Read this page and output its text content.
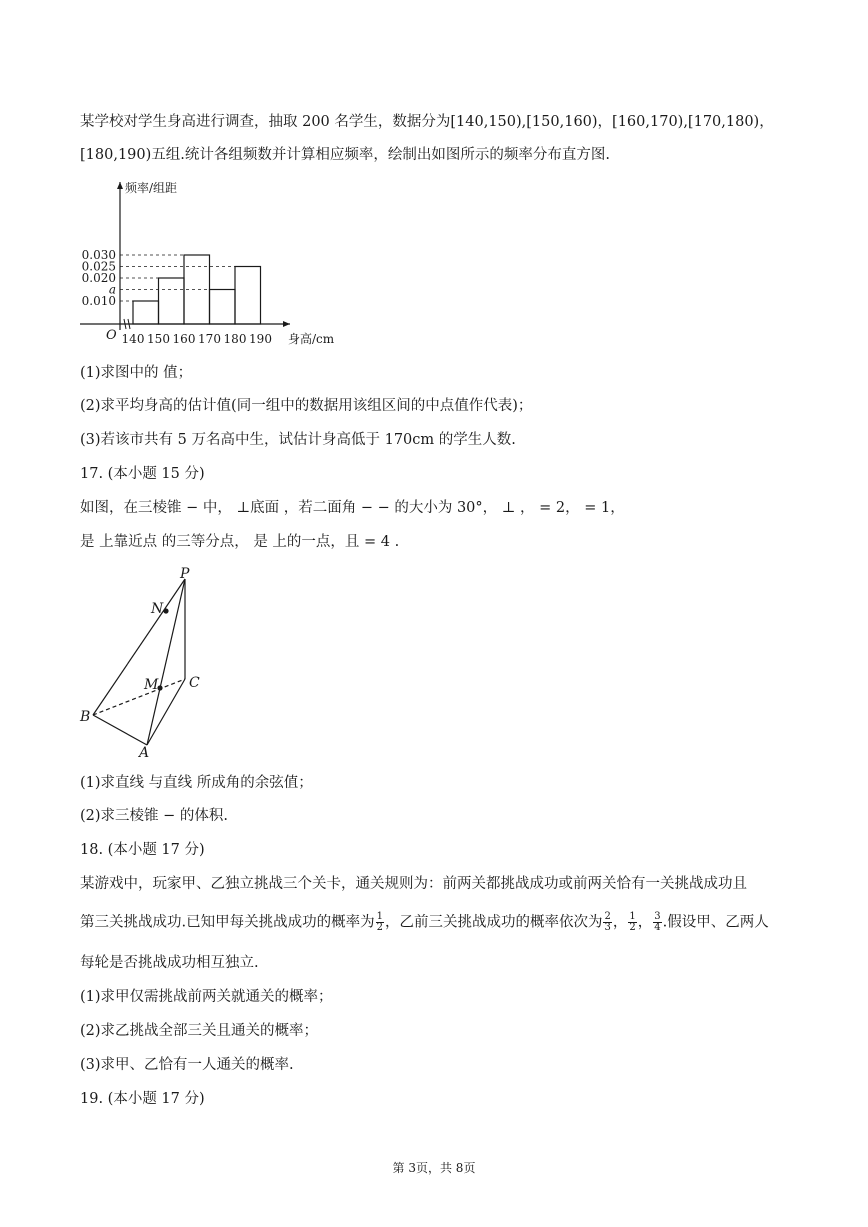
某学校对学生身高进行调查，抽取 200 名学生，数据分为[140,150),[150,160)，[160,170),[170,180)，
[180,190)五组.统计各组频数并计算相应频率，绘制出如图所示的频率分布直方图.
0.010
a
0.020
0.025
0.030
140 150 160 170 180 190 身高/cm
频率/组距
O
(1)求图中的 值；
(2)求平均身高的估计值(同一组中的数据用该组区间的中点值作代表)；
(3)若该市共有 5 万名高中生，试估计身高低于 170cm 的学生人数.
17. (本小题 15 分)
如图，在三棱锥 − 中， ⊥底面 ，若二面角 − − 的大小为 30°， ⊥ ， = 2， = 1，
是 上靠近点 的三等分点， 是 上的一点，且 = 4 .
P
N
M C
B
A
(1)求直线 与直线 所成角的余弦值；
(2)求三棱锥 − 的体积.
18. (本小题 17 分)
某游戏中，玩家甲、乙独立挑战三个关卡，通关规则为：前两关都挑战成功或前两关恰有一关挑战成功且
第三关挑战成功.已知甲每关挑战成功的概率为 $\frac{1}{2}$ ，乙前三关挑战成功的概率依次为 $\frac{2}{3}$ ， $\frac{1}{2}$ ， $\frac{3}{4}$ .假设甲、乙两人
每轮是否挑战成功相互独立.
(1)求甲仅需挑战前两关就通关的概率；
(2)求乙挑战全部三关且通关的概率；
(3)求甲、乙恰有一人通关的概率.
19. (本小题 17 分)
第 3页，共 8页
